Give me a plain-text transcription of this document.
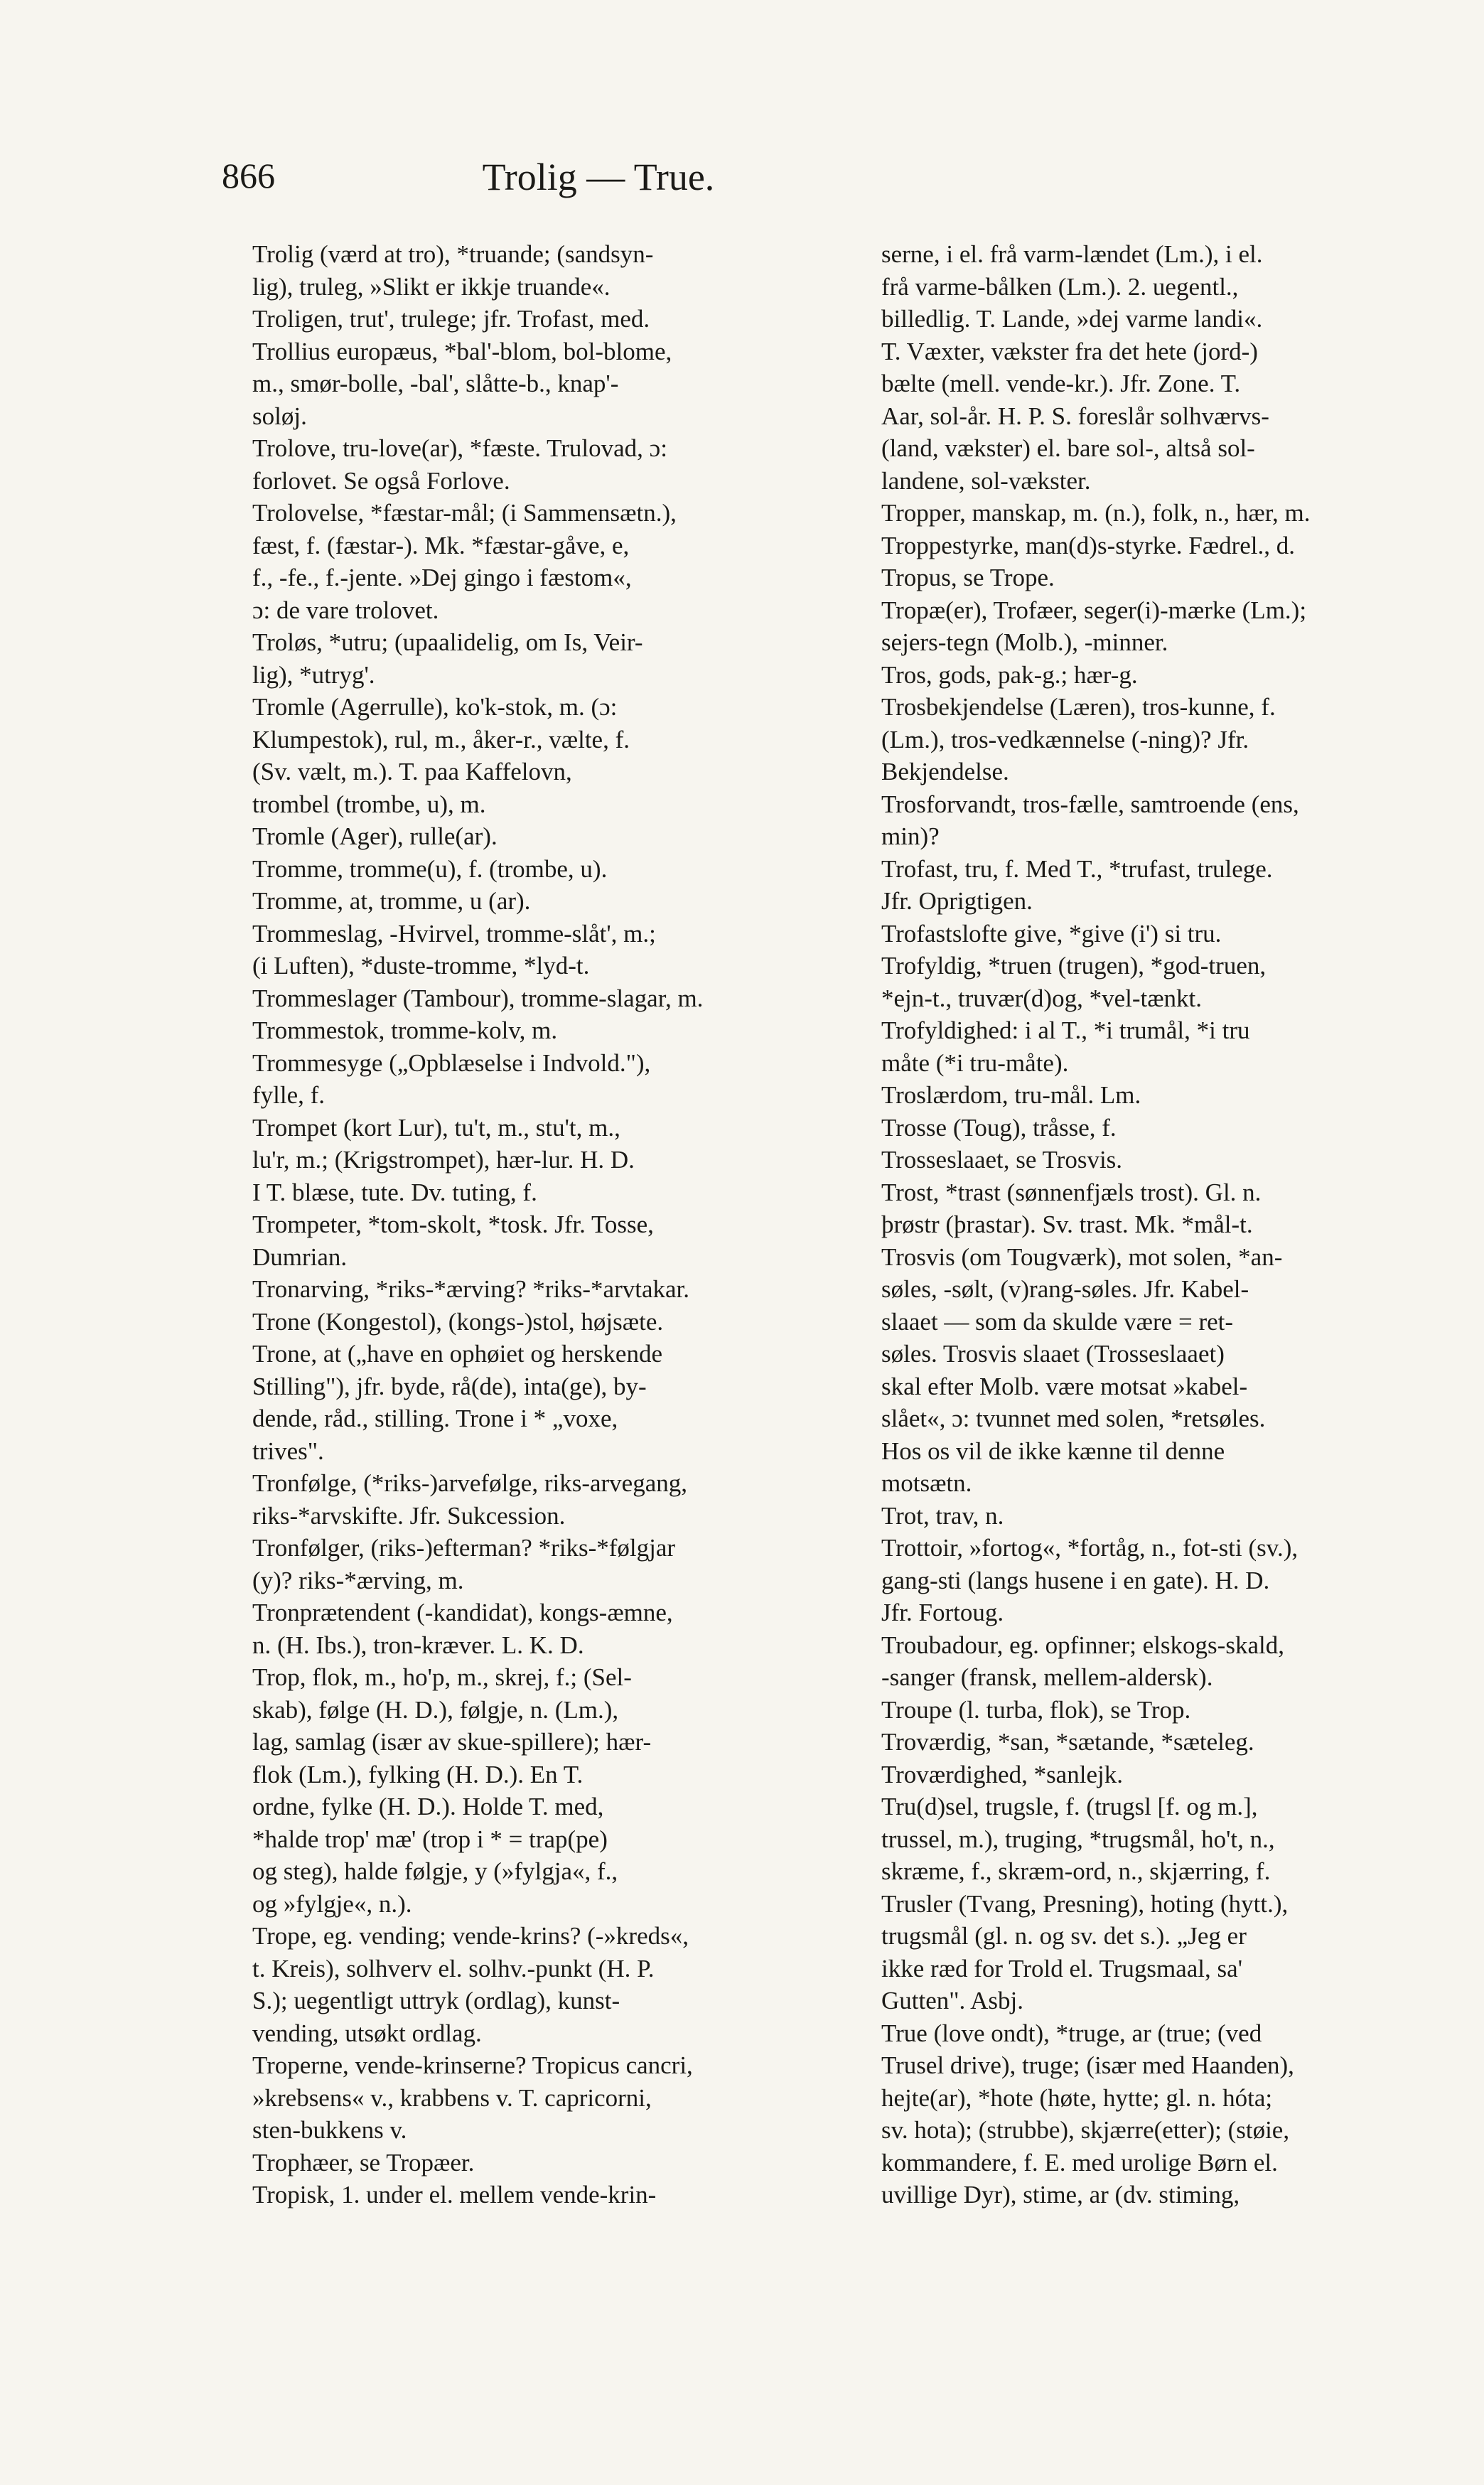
866	Trolig — True.
Trolig (værd at tro), *truande; (sandsyn-
lig), truleg, »Slikt er ikkje truande«.
Troligen, trut', trulege; jfr. Trofast, med.
Trollius europæus, *bal'-blom, bol-blome,
m., smør-bolle, -bal', slåtte-b., knap'-
soløj.
Trolove, tru-love(ar), *fæste. Trulovad, ɔ:
forlovet. Se også Forlove.
Trolovelse, *fæstar-mål; (i Sammensætn.),
fæst, f. (fæstar-). Mk. *fæstar-gåve, e,
f., -fe., f.-jente. »Dej gingo i fæstom«,
ɔ: de vare trolovet.
Troløs, *utru; (upaalidelig, om Is, Veir-
lig), *utryg'.
Tromle (Agerrulle), ko'k-stok, m. (ɔ:
Klumpestok), rul, m., åker-r., vælte, f.
(Sv. vælt, m.). T. paa Kaffelovn,
trombel (trombe, u), m.
Tromle (Ager), rulle(ar).
Tromme, tromme(u), f. (trombe, u).
Tromme, at, tromme, u (ar).
Trommeslag, -Hvirvel, tromme-slåt', m.;
(i Luften), *duste-tromme, *lyd-t.
Trommeslager (Tambour), tromme-slagar, m.
Trommestok, tromme-kolv, m.
Trommesyge („Opblæselse i Indvold."),
fylle, f.
Trompet (kort Lur), tu't, m., stu't, m.,
lu'r, m.; (Krigstrompet), hær-lur. H. D.
I T. blæse, tute. Dv. tuting, f.
Trompeter, *tom-skolt, *tosk. Jfr. Tosse,
Dumrian.
Tronarving, *riks-*ærving? *riks-*arvtakar.
Trone (Kongestol), (kongs-)stol, højsæte.
Trone, at („have en ophøiet og herskende
Stilling"), jfr. byde, rå(de), inta(ge), by-
dende, råd., stilling. Trone i * „voxe,
trives".
Tronfølge, (*riks-)arvefølge, riks-arvegang,
riks-*arvskifte. Jfr. Sukcession.
Tronfølger, (riks-)efterman? *riks-*følgjar
(y)? riks-*ærving, m.
Tronprætendent (-kandidat), kongs-æmne,
n. (H. Ibs.), tron-kræver. L. K. D.
Trop, flok, m., ho'p, m., skrej, f.; (Sel-
skab), følge (H. D.), følgje, n. (Lm.),
lag, samlag (især av skue-spillere); hær-
flok (Lm.), fylking (H. D.). En T.
ordne, fylke (H. D.). Holde T. med,
*halde trop' mæ' (trop i * = trap(pe)
og steg), halde følgje, y (»fylgja«, f.,
og »fylgje«, n.).
Trope, eg. vending; vende-krins? (-»kreds«,
t. Kreis), solhverv el. solhv.-punkt (H. P.
S.); uegentligt uttryk (ordlag), kunst-
vending, utsøkt ordlag.
Troperne, vende-krinserne? Tropicus cancri,
»krebsens« v., krabbens v. T. capricorni,
sten-bukkens v.
Trophæer, se Tropæer.
Tropisk, 1. under el. mellem vende-krin-
serne, i el. frå varm-lændet (Lm.), i el.
frå varme-bålken (Lm.). 2. uegentl.,
billedlig. T. Lande, »dej varme landi«.
T. Væxter, vækster fra det hete (jord-)
bælte (mell. vende-kr.). Jfr. Zone. T.
Aar, sol-år. H. P. S. foreslår solhværvs-
(land, vækster) el. bare sol-, altså sol-
landene, sol-vækster.
Tropper, manskap, m. (n.), folk, n., hær, m.
Troppestyrke, man(d)s-styrke. Fædrel., d.
Tropus, se Trope.
Tropæ(er), Trofæer, seger(i)-mærke (Lm.);
sejers-tegn (Molb.), -minner.
Tros, gods, pak-g.; hær-g.
Trosbekjendelse (Læren), tros-kunne, f.
(Lm.), tros-vedkænnelse (-ning)? Jfr.
Bekjendelse.
Trosforvandt, tros-fælle, samtroende (ens,
min)?
Trofast, tru, f. Med T., *trufast, trulege.
Jfr. Oprigtigen.
Trofastslofte give, *give (i') si tru.
Trofyldig, *truen (trugen), *god-truen,
*ejn-t., truvær(d)og, *vel-tænkt.
Trofyldighed: i al T., *i trumål, *i tru
måte (*i tru-måte).
Troslærdom, tru-mål. Lm.
Trosse (Toug), tråsse, f.
Trosseslaaet, se Trosvis.
Trost, *trast (sønnenfjæls trost). Gl. n.
þrøstr (þrastar). Sv. trast. Mk. *mål-t.
Trosvis (om Tougværk), mot solen, *an-
søles, -sølt, (v)rang-søles. Jfr. Kabel-
slaaet — som da skulde være = ret-
søles. Trosvis slaaet (Trosseslaaet)
skal efter Molb. være motsat »kabel-
slået«, ɔ: tvunnet med solen, *retsøles.
Hos os vil de ikke kænne til denne
motsætn.
Trot, trav, n.
Trottoir, »fortog«, *fortåg, n., fot-sti (sv.),
gang-sti (langs husene i en gate). H. D.
Jfr. Fortoug.
Troubadour, eg. opfinner; elskogs-skald,
-sanger (fransk, mellem-aldersk).
Troupe (l. turba, flok), se Trop.
Troværdig, *san, *sætande, *sæteleg.
Troværdighed, *sanlejk.
Tru(d)sel, trugsle, f. (trugsl [f. og m.],
trussel, m.), truging, *trugsmål, ho't, n.,
skræme, f., skræm-ord, n., skjærring, f.
Trusler (Tvang, Presning), hoting (hytt.),
trugsmål (gl. n. og sv. det s.). „Jeg er
ikke ræd for Trold el. Trugsmaal, sa'
Gutten". Asbj.
True (love ondt), *truge, ar (true; (ved
Trusel drive), truge; (især med Haanden),
hejte(ar), *hote (høte, hytte; gl. n. hóta;
sv. hota); (strubbe), skjærre(etter); (støie,
kommandere, f. E. med urolige Børn el.
uvillige Dyr), stime, ar (dv. stiming,
